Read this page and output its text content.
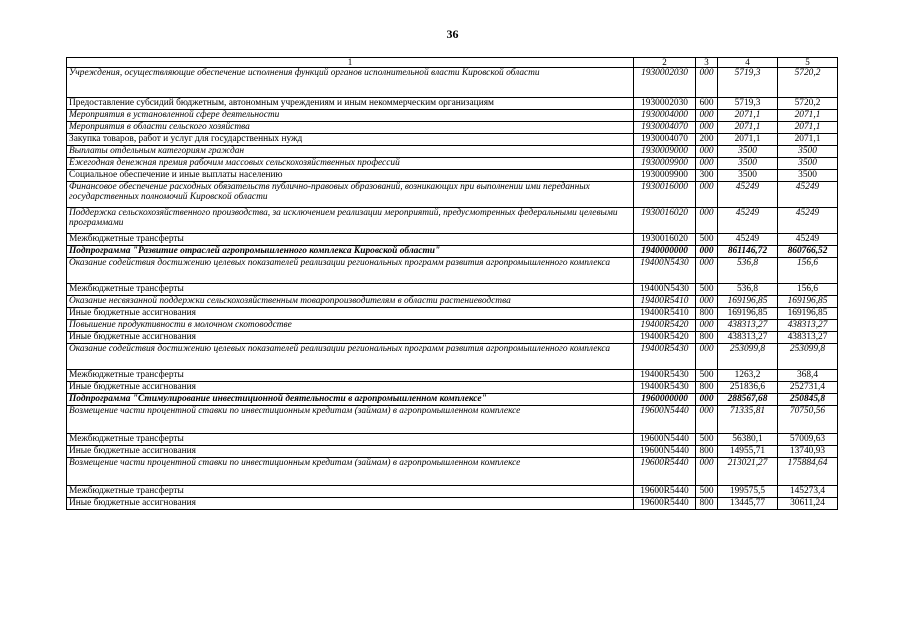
36
1	2	3	4	5
Учреждения, осуществляющие обеспечение исполнения функций органов исполнительной власти Кировской области	1930002030	000	5719,3	5720,2
Предоставление субсидий бюджетным, автономным учреждениям и иным некоммерческим организациям	1930002030	600	5719,3	5720,2
Мероприятия в установленной сфере деятельности	1930004000	000	2071,1	2071,1
Мероприятия в области сельского хозяйства	1930004070	000	2071,1	2071,1
Закупка товаров, работ и услуг для государственных нужд	1930004070	200	2071,1	2071,1
Выплаты отдельным категориям граждан	1930009000	000	3500	3500
Ежегодная денежная премия рабочим массовых сельскохозяйственных профессий	1930009900	000	3500	3500
Социальное обеспечение и иные выплаты населению	1930009900	300	3500	3500
Финансовое обеспечение расходных обязательств публично-правовых образований, возникающих при выполнении ими переданных государственных полномочий Кировской области	1930016000	000	45249	45249
Поддержка сельскохозяйственного производства, за исключением реализации мероприятий, предусмотренных федеральными целевыми программами	1930016020	000	45249	45249
Межбюджетные трансферты	1930016020	500	45249	45249
Подпрограмма "Развитие отраслей агропромышленного комплекса Кировской области"	1940000000	000	861146,72	860766,52
Оказание содействия достижению целевых показателей реализации региональных программ развития агропромышленного комплекса	19400N5430	000	536,8	156,6
Межбюджетные трансферты	19400N5430	500	536,8	156,6
Оказание несвязанной поддержки сельскохозяйственным товаропроизводителям в области растениеводства	19400R5410	000	169196,85	169196,85
Иные бюджетные ассигнования	19400R5410	800	169196,85	169196,85
Повышение продуктивности в молочном скотоводстве	19400R5420	000	438313,27	438313,27
Иные бюджетные ассигнования	19400R5420	800	438313,27	438313,27
Оказание содействия достижению целевых показателей реализации региональных программ развития агропромышленного комплекса	19400R5430	000	253099,8	253099,8
Межбюджетные трансферты	19400R5430	500	1263,2	368,4
Иные бюджетные ассигнования	19400R5430	800	251836,6	252731,4
Подпрограмма "Стимулирование инвестиционной деятельности в агропромышленном комплексе"	1960000000	000	288567,68	250845,8
Возмещение части процентной ставки по инвестиционным кредитам (займам) в агропромышленном комплексе	19600N5440	000	71335,81	70750,56
Межбюджетные трансферты	19600N5440	500	56380,1	57009,63
Иные бюджетные ассигнования	19600N5440	800	14955,71	13740,93
Возмещение части процентной ставки по инвестиционным кредитам (займам) в агропромышленном комплексе	19600R5440	000	213021,27	175884,64
Межбюджетные трансферты	19600R5440	500	199575,5	145273,4
Иные бюджетные ассигнования	19600R5440	800	13445,77	30611,24
